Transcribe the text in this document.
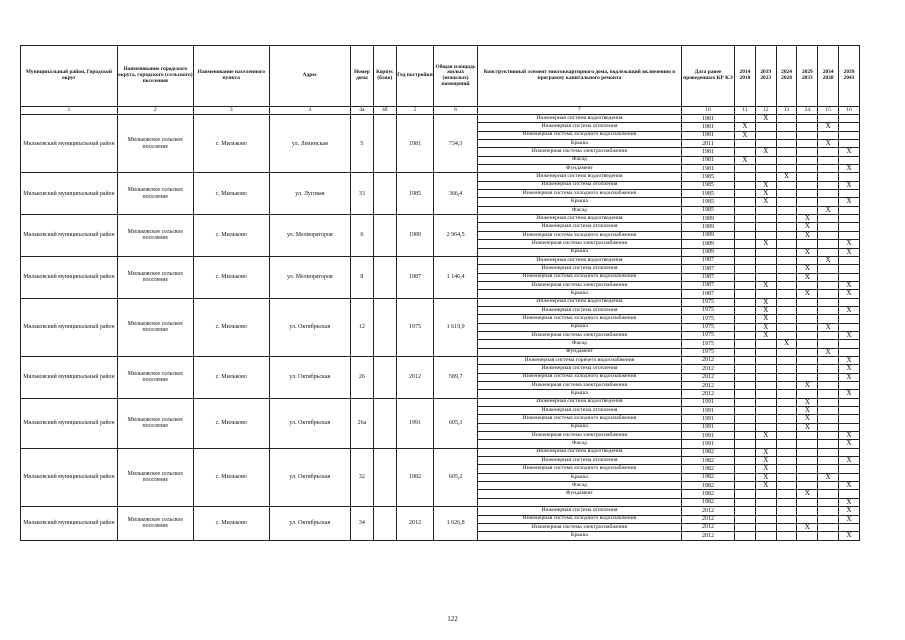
Муниципальный район, Городской округ	Наименование городского округа, городского (сельского) поселения	Наименование населенного пункта	Адрес	Номер дома	Корпус (блок)	Год постройки	Общая площадь жилых (нежилых) помещений	Конструктивный элемент многоквартирного дома, подлежащий включению в программу капитального ремонта	Дата ранее проведенных КР КЭ	2014 2018	2019 2023	2024 2028	2029 2033	2034 2038	2039 2043
1	2	3	4	4а	4б	5	6	7	10	11	12	13	14	15	16
Мильковский муниципальный район	Мильковское сельское поселение	с. Мильково	ул. Ленинская	5		1981	734,3	Инженерная система водоотведения	1981		X				
								Инженерная система отопления	1981	X				X	
								Инженерная система холодного водоснабжения	1981	X					
								Крыша	2011					X	
								Инженерная система электроснабжения	1981		X				X
								Фасад	1981	X					
								Фундамент	1981						X
Мильковский муниципальный район	Мильковское сельское поселение	с. Мильково	ул. Луговая	33		1985	366,4	Инженерная система водоотведения	1985			X			
								Инженерная система отопления	1985		X				X
								Инженерная система холодного водоснабжения	1985		X				
								Крыша	1985		X				X
								Фасад	1985					X	
Мильковский муниципальный район	Мильковское сельское поселение	с. Мильково	ул. Мелиораторов	6		1989	2 964,5	Инженерная система водоотведения	1989				X		
								Инженерная система отопления	1989				X		
								Инженерная система холодного водоснабжения	1989				X		
								Инженерная система электроснабжения	1989		X				X
								Крыша	1989				X		X
Мильковский муниципальный район	Мильковское сельское поселение	с. Мильково	ул. Мелиораторов	8		1987	1 146,4	Инженерная система водоотведения	1987					X	
								Инженерная система отопления	1987				X		
								Инженерная система холодного водоснабжения	1987				X		
								Инженерная система электроснабжения	1987		X				X
								Крыша	1987				X		X
Мильковский муниципальный район	Мильковское сельское поселение	с. Мильково	ул. Октябрьская	12		1975	1 619,9	Инженерная система водоотведения	1975		X				
								Инженерная система отопления	1975		X				X
								Инженерная система холодного водоснабжения	1975		X				
								Крыша	1975		X			X	
								Инженерная система электроснабжения	1975		X				X
								Фасад	1975			X			
								Фундамент	1975					X	
Мильковский муниципальный район	Мильковское сельское поселение	с. Мильково	ул. Октябрьская	26		2012	589,7	Инженерная система горячего водоснабжения	2012						X
								Инженерная система отопления	2012						X
								Инженерная система холодного водоснабжения	2012						X
								Инженерная система электроснабжения	2012				X		
								Крыша	2012						X
Мильковский муниципальный район	Мильковское сельское поселение	с. Мильково	ул. Октябрьская	26а		1991	605,3	Инженерная система водоотведения	1991				X		
								Инженерная система отопления	1991				X		
								Инженерная система холодного водоснабжения	1991				X		
								Крыша	1991				X		
								Инженерная система электроснабжения	1991		X				X
								Фасад	1991						X
Мильковский муниципальный район	Мильковское сельское поселение	с. Мильково	ул. Октябрьская	32		1982	605,2	Инженерная система водоотведения	1982		X				
								Инженерная система отопления	1982		X				X
								Инженерная система холодного водоснабжения	1982		X				
								Крыша	1982		X			X	
								Фасад	1982		X				X
								Фундамент	1982				X		
									1982						X
Мильковский муниципальный район	Мильковское сельское поселение	с. Мильково	ул. Октябрьская	34		2012	1 626,8	Инженерная система отопления	2012						X
								Инженерная система холодного водоснабжения	2012						X
								Инженерная система электроснабжения	2012				X		
								Крыша	2012						X
122
